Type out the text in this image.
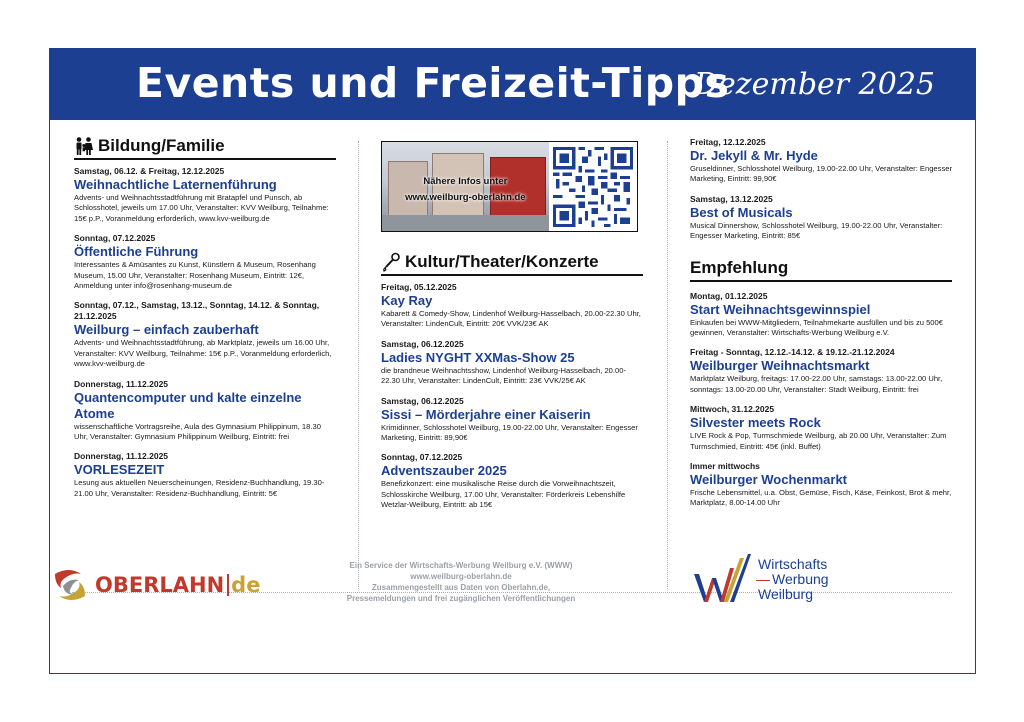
Events und Freizeit-Tipps
Dezember 2025
Bildung/Familie
Samstag, 06.12. & Freitag, 12.12.2025
Weihnachtliche Laternenführung
Advents- und Weihnachtsstadtführung mit Bratapfel und Punsch, ab Schlosshotel, jeweils um 17.00 Uhr, Veranstalter: KVV Weilburg, Teilnahme: 15€ p.P., Voranmeldung erforderlich, www.kvv-weilburg.de
Sonntag, 07.12.2025
Öffentliche Führung
Interessantes & Amüsantes zu Kunst, Künstlern & Museum, Rosenhang Museum, 15.00 Uhr, Veranstalter: Rosenhang Museum, Eintritt: 12€, Anmeldung unter info@rosenhang-museum.de
Sonntag, 07.12., Samstag, 13.12., Sonntag, 14.12. & Sonntag, 21.12.2025
Weilburg – einfach zauberhaft
Advents- und Weihnachtsstadtführung, ab Marktplatz, jeweils um 16.00 Uhr, Veranstalter: KVV Weilburg, Teilnahme: 15€ p.P., Voranmeldung erforderlich, www.kvv-weilburg.de
Donnerstag, 11.12.2025
Quantencomputer und kalte einzelne Atome
wissenschaftliche Vortragsreihe, Aula des Gymnasium Philippinum, 18.30 Uhr, Veranstalter: Gymnasium Philippinum Weilburg, Eintritt: frei
Donnerstag, 11.12.2025
VORLESEZEIT
Lesung aus aktuellen Neuerscheinungen, Residenz-Buchhandlung, 19.30-21.00 Uhr, Veranstalter: Residenz-Buchhandlung, Eintritt: 5€
Nähere Infos unter
www.weilburg-oberlahn.de
Kultur/Theater/Konzerte
Freitag, 05.12.2025
Kay Ray
Kabarett & Comedy-Show, Lindenhof Weilburg-Hasselbach, 20.00-22.30 Uhr, Veranstalter: LindenCult, Eintritt: 20€ VVK/23€ AK
Samstag, 06.12.2025
Ladies NYGHT XXMas-Show 25
die brandneue Weihnachtsshow, Lindenhof Weilburg-Hasselbach, 20.00-22.30 Uhr, Veranstalter: LindenCult, Eintritt: 23€ VVK/25€ AK
Samstag, 06.12.2025
Sissi – Mörderjahre einer Kaiserin
Krimidinner, Schlosshotel Weilburg, 19.00-22.00 Uhr, Veranstalter: Engesser Marketing, Eintritt: 89,90€
Sonntag, 07.12.2025
Adventszauber 2025
Benefizkonzert: eine musikalische Reise durch die Vorweihnachtszeit, Schlosskirche Weilburg, 17.00 Uhr, Veranstalter: Förderkreis Lebenshilfe Wetzlar-Weilburg, Eintritt: ab 15€
Freitag, 12.12.2025
Dr. Jekyll & Mr. Hyde
Gruseldinner, Schlosshotel Weilburg, 19.00-22.00 Uhr, Veranstalter: Engesser Marketing, Eintritt: 99,90€
Samstag, 13.12.2025
Best of Musicals
Musical Dinnershow, Schlosshotel Weilburg, 19.00-22.00 Uhr, Veranstalter: Engesser Marketing, Eintritt: 85€
Empfehlung
Montag, 01.12.2025
Start Weihnachtsgewinnspiel
Einkaufen bei WWW-Mitgliedern, Teilnahmekarte ausfüllen und bis zu 500€ gewinnen, Veranstalter: Wirtschafts-Werbung Weilburg e.V.
Freitag - Sonntag, 12.12.-14.12. & 19.12.-21.12.2024
Weilburger Weihnachtsmarkt
Marktplatz Weilburg, freitags: 17.00-22.00 Uhr, samstags: 13.00-22.00 Uhr, sonntags: 13.00-20.00 Uhr, Veranstalter: Stadt Weilburg, Eintritt: frei
Mittwoch, 31.12.2025
Silvester meets Rock
LIVE Rock & Pop, Turmschmiede Weilburg, ab 20.00 Uhr, Veranstalter: Zum Turmschmied, Eintritt: 45€ (inkl. Buffet)
Immer mittwochs
Weilburger Wochenmarkt
Frische Lebensmittel, u.a. Obst, Gemüse, Fisch, Käse, Feinkost, Brot & mehr, Marktplatz, 8.00-14.00 Uhr
OBERLAHN de
Ein Service der Wirtschafts-Werbung Weilburg e.V. (WWW)
www.weilburg-oberlahn.de
Zusammengestellt aus Daten von Oberlahn.de,
Pressemeldungen und frei zugänglichen Veröffentlichungen
Wirtschafts
Werbung
Weilburg
